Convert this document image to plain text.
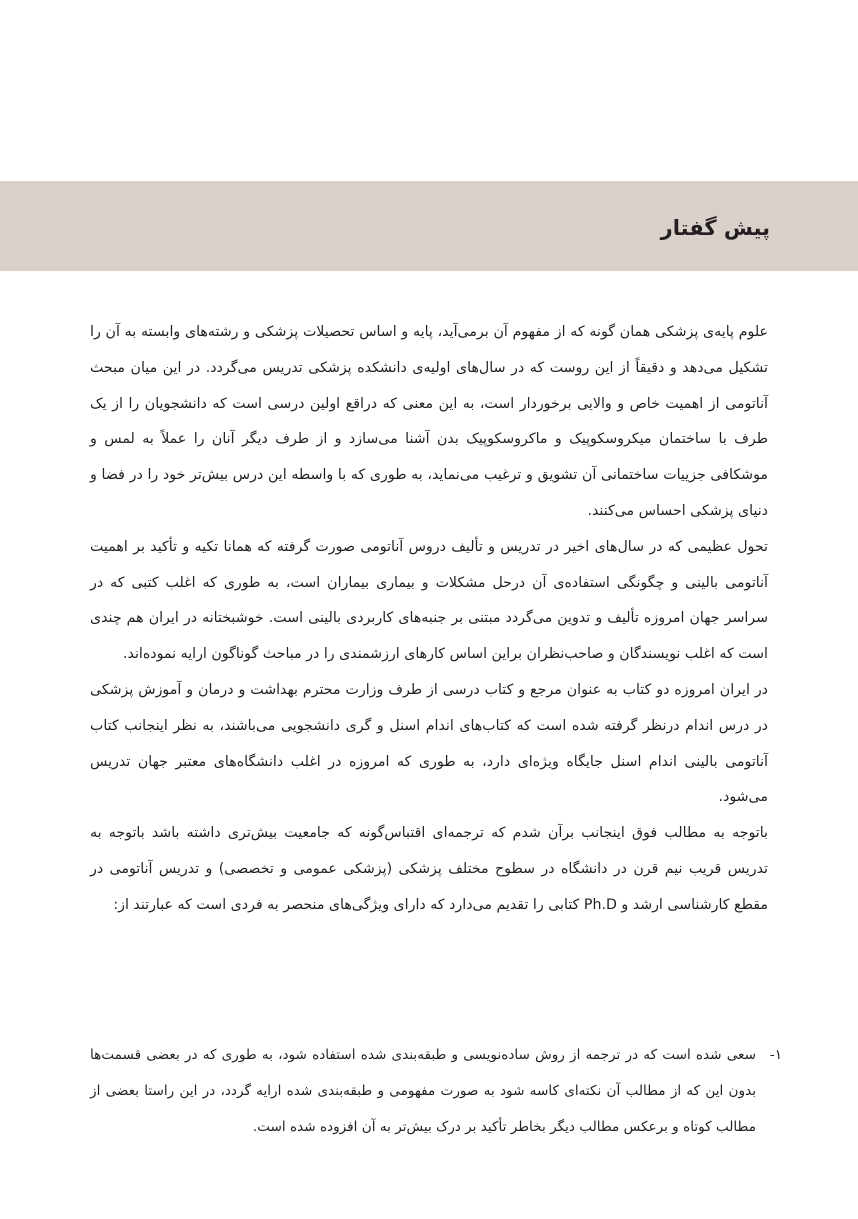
پیش گفتار

علوم پایه‌ی پزشکی همان گونه که از مفهوم آن برمی‌آید، پایه و اساس تحصیلات پزشکی و رشته‌های وابسته به آن را تشکیل می‌دهد و دقیقاً از این روست که در سال‌های اولیه‌ی دانشکده پزشکی تدریس می‌گردد. در این میان مبحث آناتومی از اهمیت خاص و والایی برخوردار است، به این معنی که دراقع اولین درسی است که دانشجویان را از یک طرف با ساختمان میکروسکوپیک و ماکروسکوپیک بدن آشنا می‌سازد و از طرف دیگر آنان را عملاً به لمس و موشکافی جزییات ساختمانی آن تشویق و ترغیب می‌نماید، به طوری که با واسطه این درس بیش‌تر خود را در فضا و دنیای پزشکی احساس می‌کنند.

تحول عظیمی که در سال‌های اخیر در تدریس و تألیف دروس آناتومی صورت گرفته که همانا تکیه و تأکید بر اهمیت آناتومی بالینی و چگونگی استفاده‌ی آن درحل مشکلات و بیماری بیماران است، به طوری که اغلب کتبی که در سراسر جهان امروزه تألیف و تدوین می‌گردد مبتنی بر جنبه‌های کاربردی بالینی است. خوشبختانه در ایران هم چندی است که اغلب نویسندگان و صاحب‌نظران براین اساس کارهای ارزشمندی را در مباحث گوناگون ارایه نموده‌اند.

در ایران امروزه دو کتاب به عنوان مرجع و کتاب درسی از طرف وزارت محترم بهداشت و درمان و آموزش پزشکی در درس اندام درنظر گرفته شده است که کتاب‌های اندام اسنل و گری دانشجویی می‌باشند، به نظر اینجانب کتاب آناتومی بالینی اندام اسنل جایگاه ویژه‌ای دارد، به طوری که امروزه در اغلب دانشگاه‌های معتبر جهان تدریس می‌شود.

باتوجه به مطالب فوق اینجانب برآن شدم که ترجمه‌ای اقتباس‌گونه که جامعیت بیش‌تری داشته باشد باتوجه به تدریس قریب نیم قرن در دانشگاه در سطوح مختلف پزشکی (پزشکی عمومی و تخصصی) و تدریس آناتومی در مقطع کارشناسی ارشد و Ph.D کتابی را تقدیم می‌دارد که دارای ویژگی‌های منحصر به فردی است که عبارتند از:

۱-
سعی شده است که در ترجمه از روش ساده‌نویسی و طبقه‌بندی شده استفاده شود، به طوری که در بعضی قسمت‌ها بدون این که از مطالب آن نکته‌ای کاسه شود به صورت مفهومی و طبقه‌بندی شده ارایه گردد، در این راستا بعضی از مطالب کوتاه و برعکس مطالب دیگر بخاطر تأکید بر درک بیش‌تر به آن افزوده شده است.
